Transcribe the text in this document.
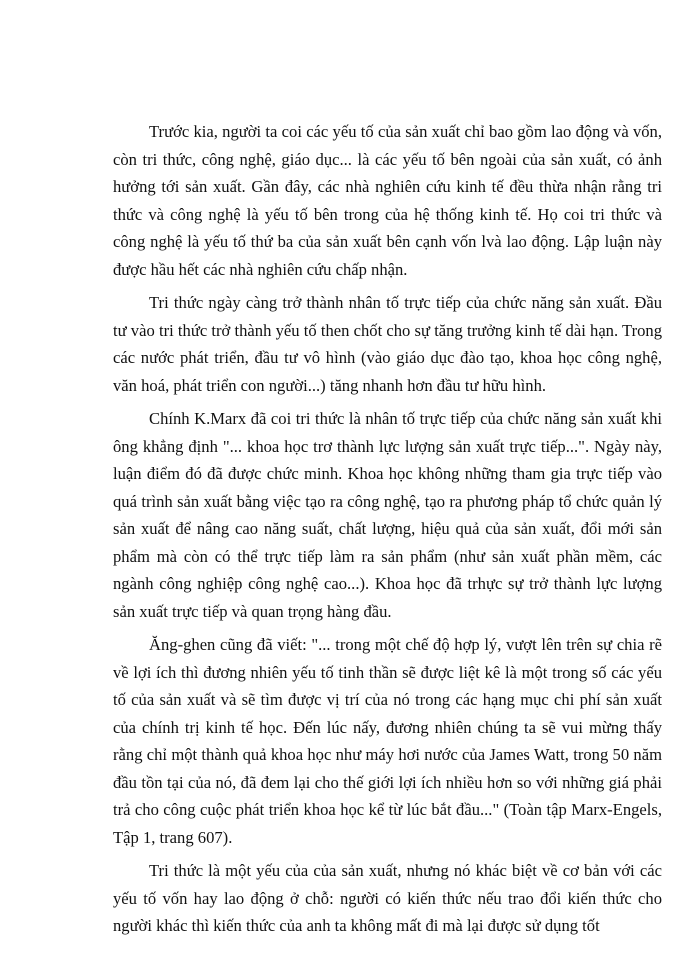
Trước kia, người ta coi các yếu tố của sản xuất chỉ bao gồm lao động và vốn, còn tri thức, công nghệ, giáo dục... là các yếu tố bên ngoài của sản xuất, có ảnh hưởng tới sản xuất. Gần đây, các nhà nghiên cứu kinh tế đều thừa nhận rằng tri thức và công nghệ là yếu tố bên trong của hệ thống kinh tế. Họ coi tri thức và công nghệ là yếu tố thứ ba của sản xuất bên cạnh vốn lvà lao động. Lập luận này được hầu hết các nhà nghiên cứu chấp nhận.

Tri thức ngày càng trở thành nhân tố trực tiếp của chức năng sản xuất. Đầu tư vào tri thức trở thành yếu tố then chốt cho sự tăng trưởng kinh tế dài hạn. Trong các nước phát triển, đầu tư vô hình (vào giáo dục đào tạo, khoa học công nghệ, văn hoá, phát triển con người...) tăng nhanh hơn đầu tư hữu hình.

Chính K.Marx đã coi tri thức là nhân tố trực tiếp của chức năng sản xuất khi ông khẳng định "... khoa học trơ thành lực lượng sản xuất trực tiếp...". Ngày này, luận điểm đó đã được chức minh. Khoa học không những tham gia trực tiếp vào quá trình sản xuất bằng việc tạo ra công nghệ, tạo ra phương pháp tổ chức quản lý sản xuất để nâng cao năng suất, chất lượng, hiệu quả của sản xuất, đổi mới sản phẩm mà còn có thể trực tiếp làm ra sản phẩm (như sản xuất phần mềm, các ngành công nghiệp công nghệ cao...). Khoa học đã trhực sự trở thành lực lượng sản xuất trực tiếp và quan trọng hàng đầu.

Ăng-ghen cũng đã viết: "... trong một chế độ hợp lý, vượt lên trên sự chia rẽ về lợi ích thì đương nhiên yếu tố tinh thần sẽ được liệt kê là một trong số các yếu tố của sản xuất và sẽ tìm được vị trí của nó trong các hạng mục chi phí sản xuất của chính trị kinh tế học. Đến lúc nấy, đương nhiên chúng ta sẽ vui mừng thấy rằng chỉ một thành quả khoa học như máy hơi nước của James Watt, trong 50 năm đầu tồn tại của nó, đã đem lại cho thế giới lợi ích nhiều hơn so với những giá phải trả cho công cuộc phát triển khoa học kể từ lúc bắt đầu..." (Toàn tập Marx-Engels, Tập 1, trang 607).

Tri thức là một yếu của của sản xuất, nhưng nó khác biệt về cơ bản với các yếu tố vốn hay lao động ở chỗ: người có kiến thức nếu trao đổi kiến thức cho người khác thì kiến thức của anh ta không mất đi mà lại được sử dụng tốt
